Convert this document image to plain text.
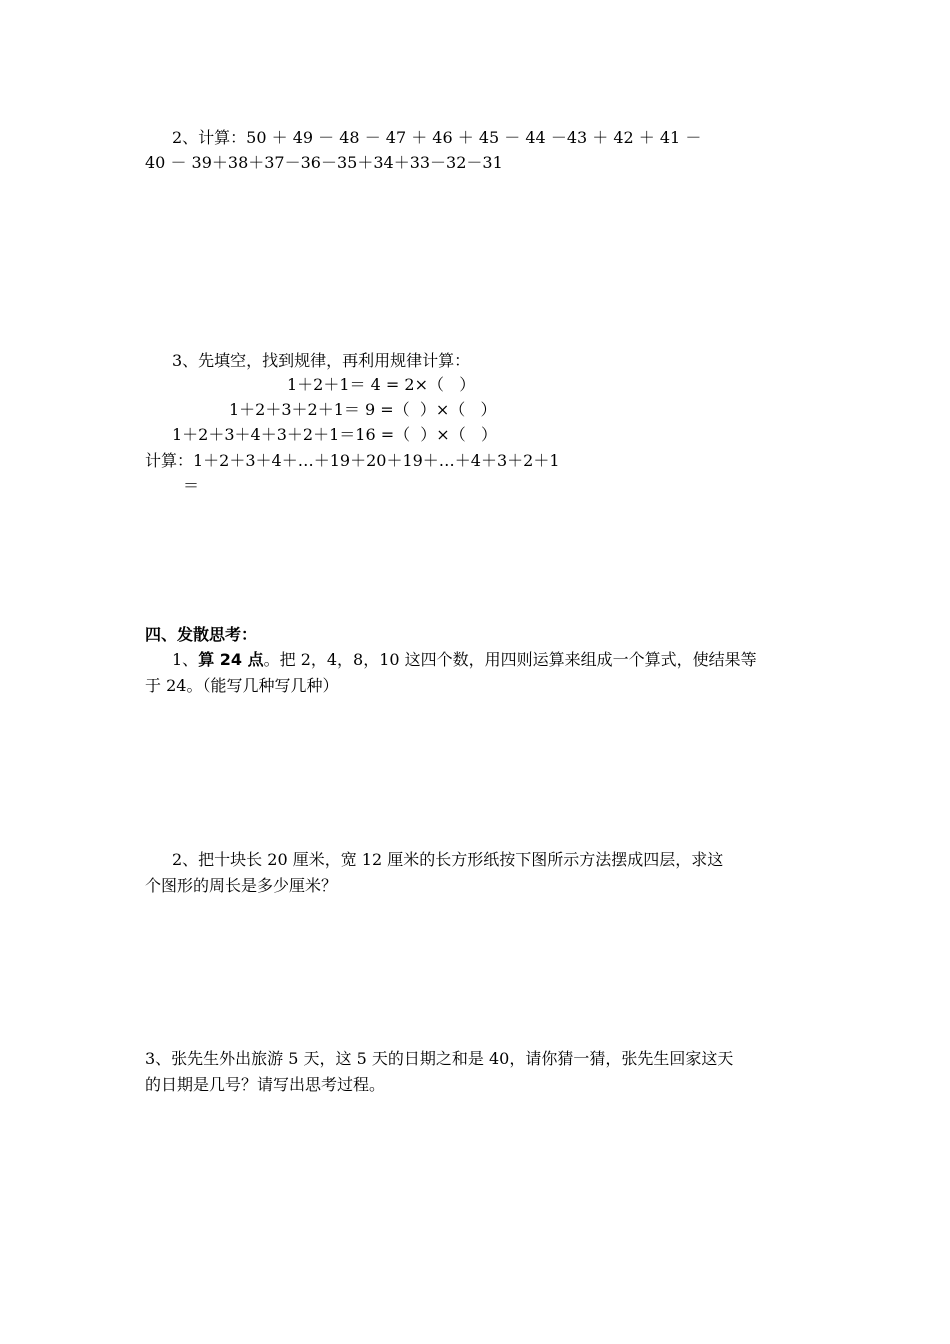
2、计算：50 ＋ 49 － 48 － 47 ＋ 46 ＋ 45 － 44 －43 ＋ 42 ＋ 41 －
40 － 39＋38＋37－36－35＋34＋33－32－31
3、先填空，找到规律，再利用规律计算：
1＋2＋1＝ 4 = 2×（   ）
1＋2＋3＋2＋1＝ 9 =（  ）×（   ）
1＋2＋3＋4＋3＋2＋1＝16 =（  ）×（   ）
计算：1＋2＋3＋4＋…＋19＋20＋19＋…＋4＋3＋2＋1
＝
四、发散思考：
1、算 24 点。把 2，4，8，10 这四个数，用四则运算来组成一个算式，使结果等
于 24。（能写几种写几种）
2、把十块长 20 厘米，宽 12 厘米的长方形纸按下图所示方法摆成四层，求这
个图形的周长是多少厘米？
3、张先生外出旅游 5 天，这 5 天的日期之和是 40，请你猜一猜，张先生回家这天
的日期是几号？请写出思考过程。
